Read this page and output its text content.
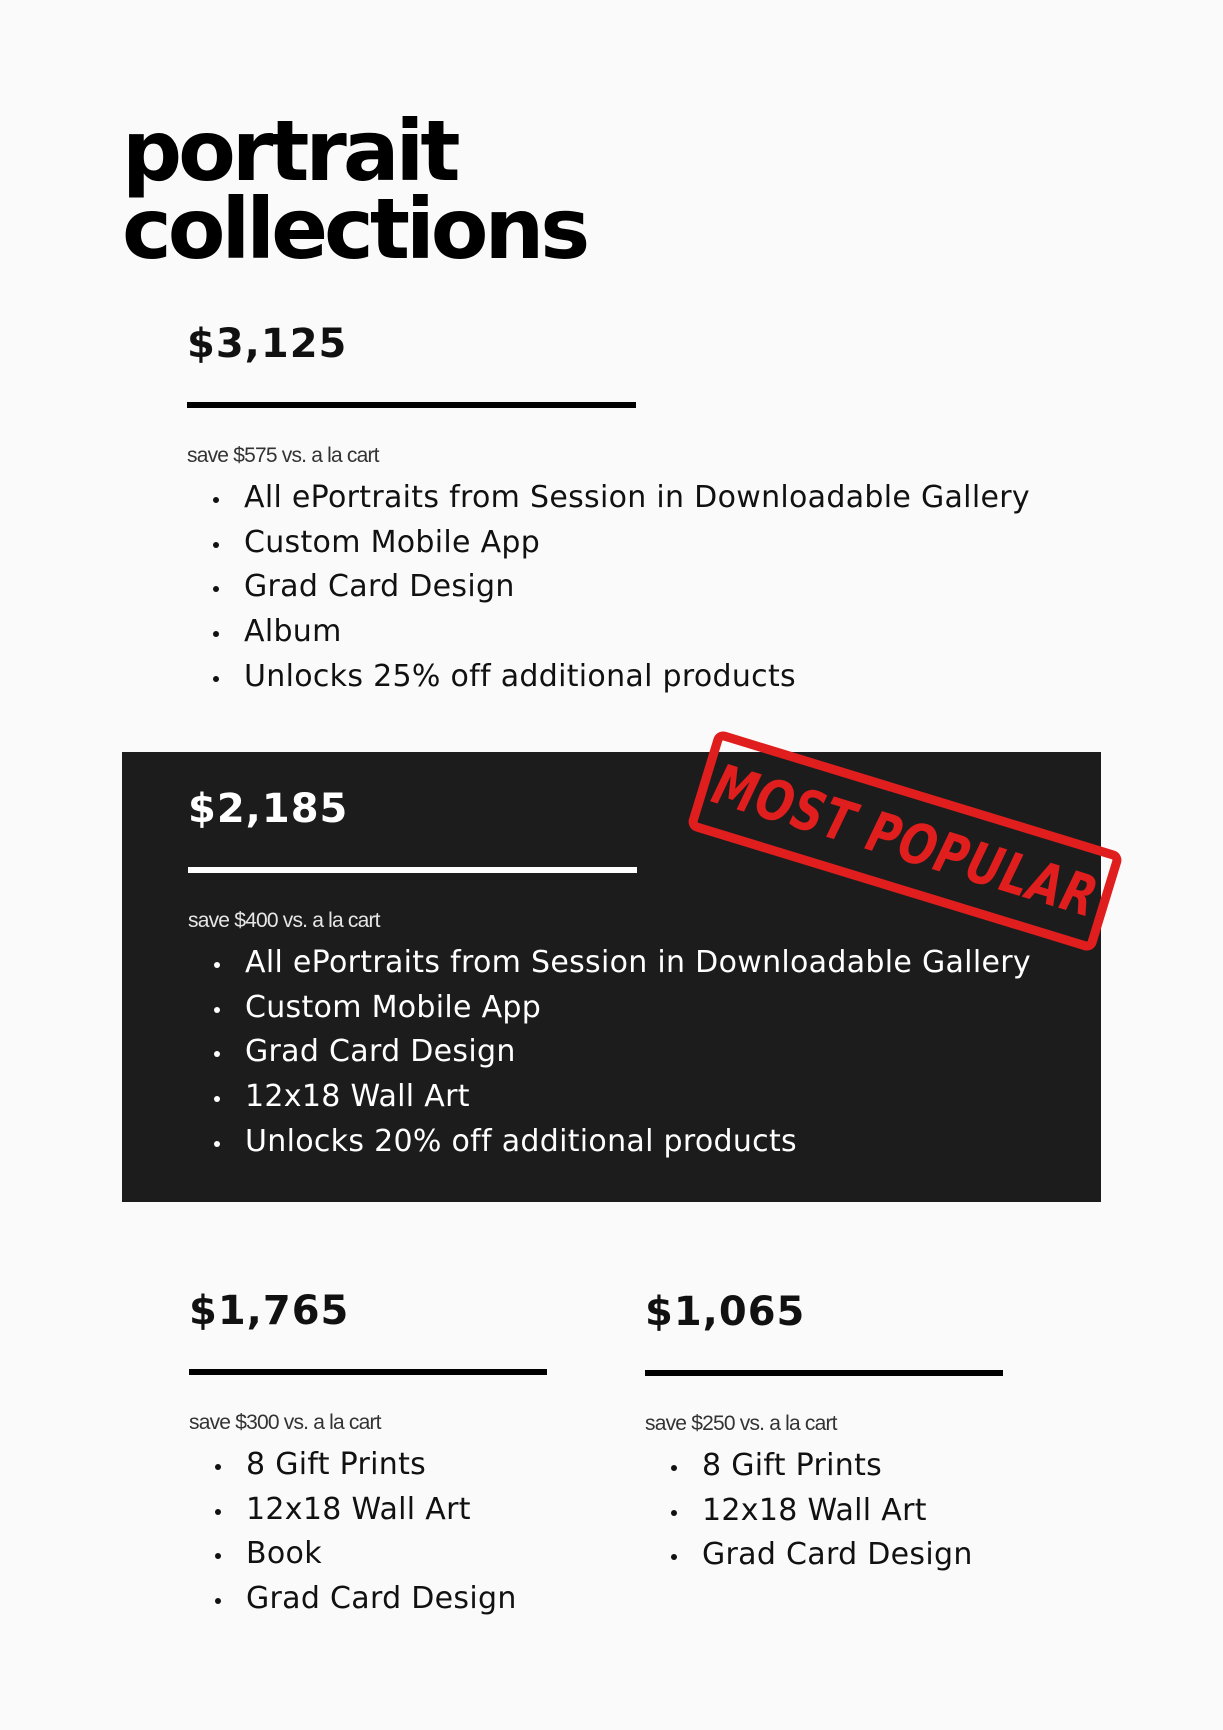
portrait
collections
$3,125
save $575 vs. a la cart
All ePortraits from Session in Downloadable Gallery
Custom Mobile App
Grad Card Design
Album
Unlocks 25% off additional products
$2,185
save $400 vs. a la cart
All ePortraits from Session in Downloadable Gallery
Custom Mobile App
Grad Card Design
12x18 Wall Art
Unlocks 20% off additional products
MOST POPULAR
$1,765
save $300 vs. a la cart
8 Gift Prints
12x18 Wall Art
Book
Grad Card Design
$1,065
save $250 vs. a la cart
8 Gift Prints
12x18 Wall Art
Grad Card Design
